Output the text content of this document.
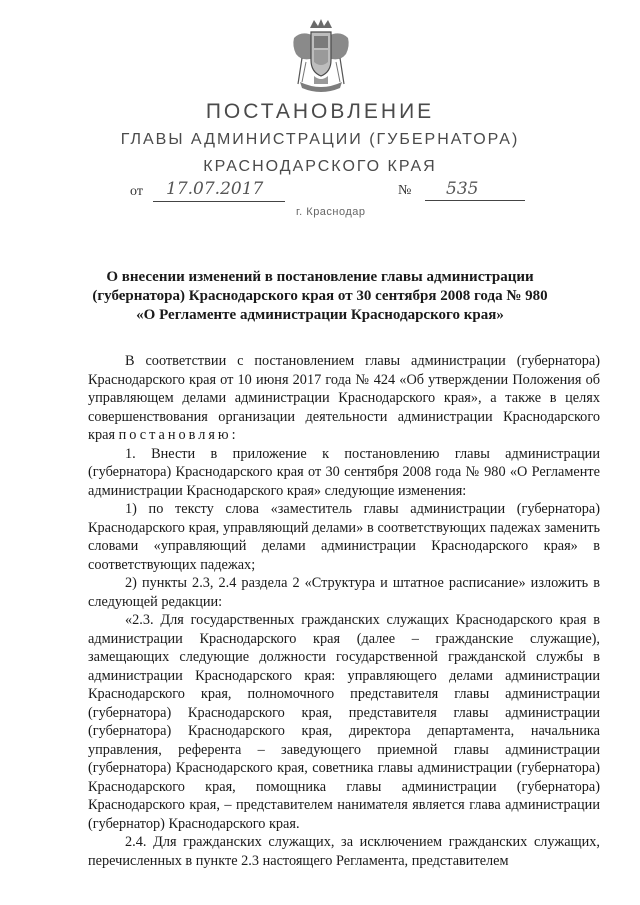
ПОСТАНОВЛЕНИЕ
ГЛАВЫ АДМИНИСТРАЦИИ (ГУБЕРНАТОРА)
КРАСНОДАРСКОГО КРАЯ
от 17.07.2017	№ 535
г. Краснодар
О внесении изменений в постановление главы администрации
(губернатора) Краснодарского края от 30 сентября 2008 года № 980
«О Регламенте администрации Краснодарского края»

В соответствии с постановлением главы администрации (губернатора) Краснодарского края от 10 июня 2017 года № 424 «Об утверждении Положения об управляющем делами администрации Краснодарского края», а также в целях совершенствования организации деятельности администрации Краснодарского края постановляю:

1. Внести в приложение к постановлению главы администрации (губернатора) Краснодарского края от 30 сентября 2008 года № 980 «О Регламенте администрации Краснодарского края» следующие изменения:

1) по тексту слова «заместитель главы администрации (губернатора) Краснодарского края, управляющий делами» в соответствующих падежах заменить словами «управляющий делами администрации Краснодарского края» в соответствующих падежах;

2) пункты 2.3, 2.4 раздела 2 «Структура и штатное расписание» изложить в следующей редакции:

«2.3. Для государственных гражданских служащих Краснодарского края в администрации Краснодарского края (далее – гражданские служащие), замещающих следующие должности государственной гражданской службы в администрации Краснодарского края: управляющего делами администрации Краснодарского края, полномочного представителя главы администрации (губернатора) Краснодарского края, представителя главы администрации (губернатора) Краснодарского края, директора департамента, начальника управления, референта – заведующего приемной главы администрации (губернатора) Краснодарского края, советника главы администрации (губернатора) Краснодарского края, помощника главы администрации (губернатора) Краснодарского края, – представителем нанимателя является глава администрации (губернатор) Краснодарского края.

2.4. Для гражданских служащих, за исключением гражданских служащих, перечисленных в пункте 2.3 настоящего Регламента, представителем
